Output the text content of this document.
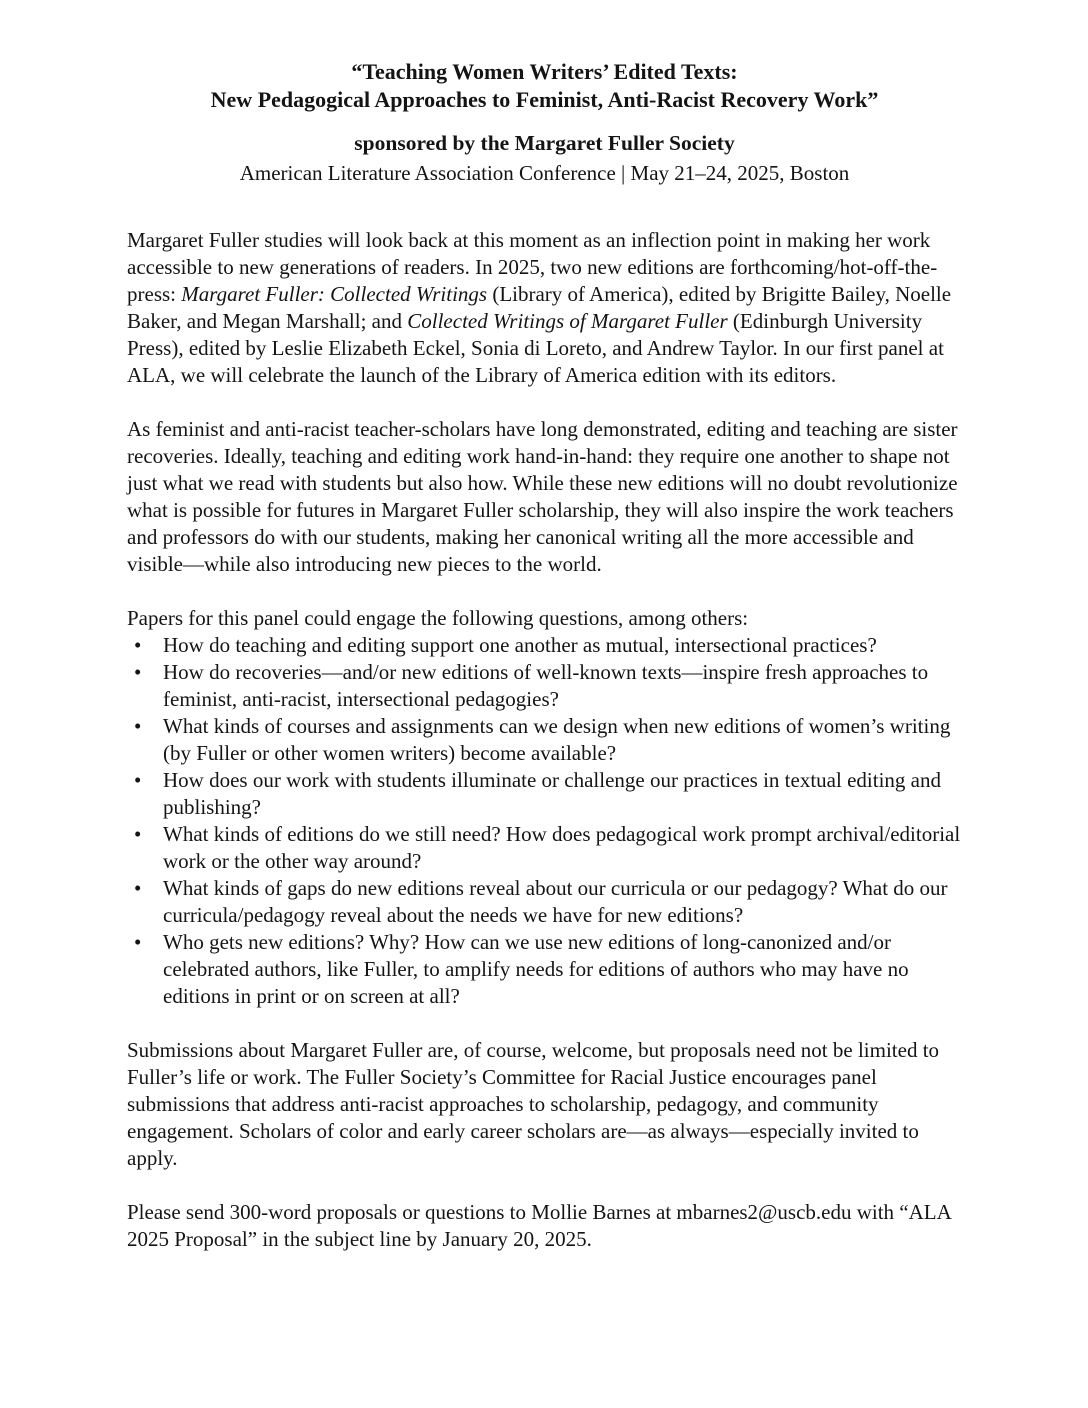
“Teaching Women Writers’ Edited Texts:
New Pedagogical Approaches to Feminist, Anti-Racist Recovery Work”
sponsored by the Margaret Fuller Society
American Literature Association Conference | May 21–24, 2025, Boston

Margaret Fuller studies will look back at this moment as an inflection point in making her work accessible to new generations of readers. In 2025, two new editions are forthcoming/hot-off-the-press: Margaret Fuller: Collected Writings (Library of America), edited by Brigitte Bailey, Noelle Baker, and Megan Marshall; and Collected Writings of Margaret Fuller (Edinburgh University Press), edited by Leslie Elizabeth Eckel, Sonia di Loreto, and Andrew Taylor. In our first panel at ALA, we will celebrate the launch of the Library of America edition with its editors.

As feminist and anti-racist teacher-scholars have long demonstrated, editing and teaching are sister recoveries. Ideally, teaching and editing work hand-in-hand: they require one another to shape not just what we read with students but also how. While these new editions will no doubt revolutionize what is possible for futures in Margaret Fuller scholarship, they will also inspire the work teachers and professors do with our students, making her canonical writing all the more accessible and visible—while also introducing new pieces to the world.

Papers for this panel could engage the following questions, among others:

• How do teaching and editing support one another as mutual, intersectional practices?
• How do recoveries—and/or new editions of well-known texts—inspire fresh approaches to feminist, anti-racist, intersectional pedagogies?
• What kinds of courses and assignments can we design when new editions of women’s writing (by Fuller or other women writers) become available?
• How does our work with students illuminate or challenge our practices in textual editing and publishing?
• What kinds of editions do we still need? How does pedagogical work prompt archival/editorial work or the other way around?
• What kinds of gaps do new editions reveal about our curricula or our pedagogy? What do our curricula/pedagogy reveal about the needs we have for new editions?
• Who gets new editions? Why? How can we use new editions of long-canonized and/or celebrated authors, like Fuller, to amplify needs for editions of authors who may have no editions in print or on screen at all?

Submissions about Margaret Fuller are, of course, welcome, but proposals need not be limited to Fuller’s life or work. The Fuller Society’s Committee for Racial Justice encourages panel submissions that address anti-racist approaches to scholarship, pedagogy, and community engagement. Scholars of color and early career scholars are—as always—especially invited to apply.

Please send 300-word proposals or questions to Mollie Barnes at mbarnes2@uscb.edu with “ALA 2025 Proposal” in the subject line by January 20, 2025.
